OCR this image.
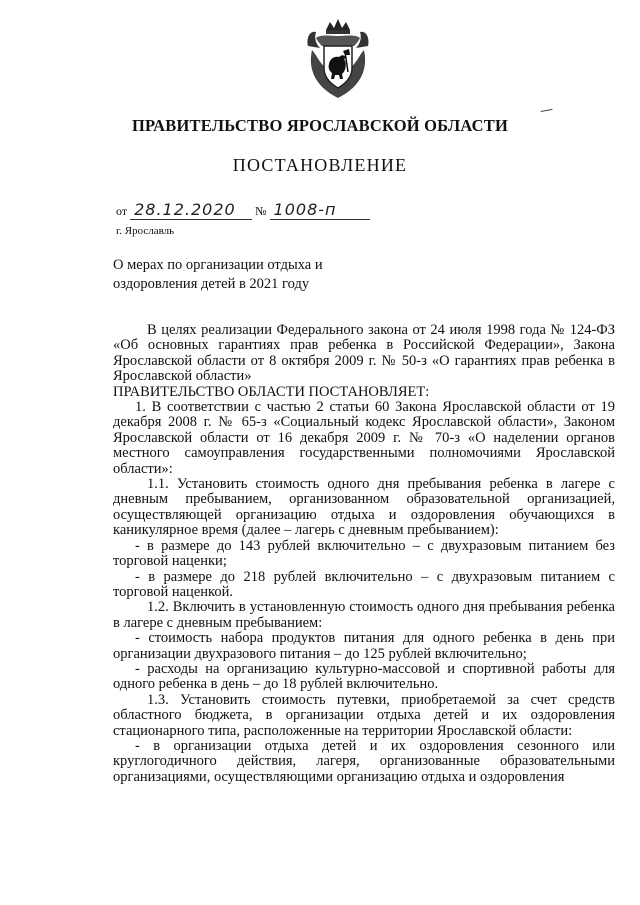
ПРАВИТЕЛЬСТВО ЯРОСЛАВСКОЙ ОБЛАСТИ
ПОСТАНОВЛЕНИЕ
от 28.12.2020 № 1008-п
г. Ярославль
О мерах по организации отдыха и
оздоровления детей в 2021 году

В целях реализации Федерального закона от 24 июля 1998 года № 124-ФЗ «Об основных гарантиях прав ребенка в Российской Федерации», Закона Ярославской области от 8 октября 2009 г. № 50-з «О гарантиях прав ребенка в Ярославской области»

ПРАВИТЕЛЬСТВО ОБЛАСТИ ПОСТАНОВЛЯЕТ:

1. В соответствии с частью 2 статьи 60 Закона Ярославской области от 19 декабря 2008 г. № 65-з «Социальный кодекс Ярославской области», Законом Ярославской области от 16 декабря 2009 г. № 70-з «О наделении органов местного самоуправления государственными полномочиями Ярославской области»:

1.1. Установить стоимость одного дня пребывания ребенка в лагере с дневным пребыванием, организованном образовательной организацией, осуществляющей организацию отдыха и оздоровления обучающихся в каникулярное время (далее – лагерь с дневным пребыванием):

- в размере до 143 рублей включительно – с двухразовым питанием без торговой наценки;

- в размере до 218 рублей включительно – с двухразовым питанием с торговой наценкой.

1.2. Включить в установленную стоимость одного дня пребывания ребенка в лагере с дневным пребыванием:

- стоимость набора продуктов питания для одного ребенка в день при организации двухразового питания – до 125 рублей включительно;

- расходы на организацию культурно-массовой и спортивной работы для одного ребенка в день – до 18 рублей включительно.

1.3. Установить стоимость путевки, приобретаемой за счет средств областного бюджета, в организации отдыха детей и их оздоровления стационарного типа, расположенные на территории Ярославской области:

- в организации отдыха детей и их оздоровления сезонного или круглогодичного действия, лагеря, организованные образовательными организациями, осуществляющими организацию отдыха и оздоровления
